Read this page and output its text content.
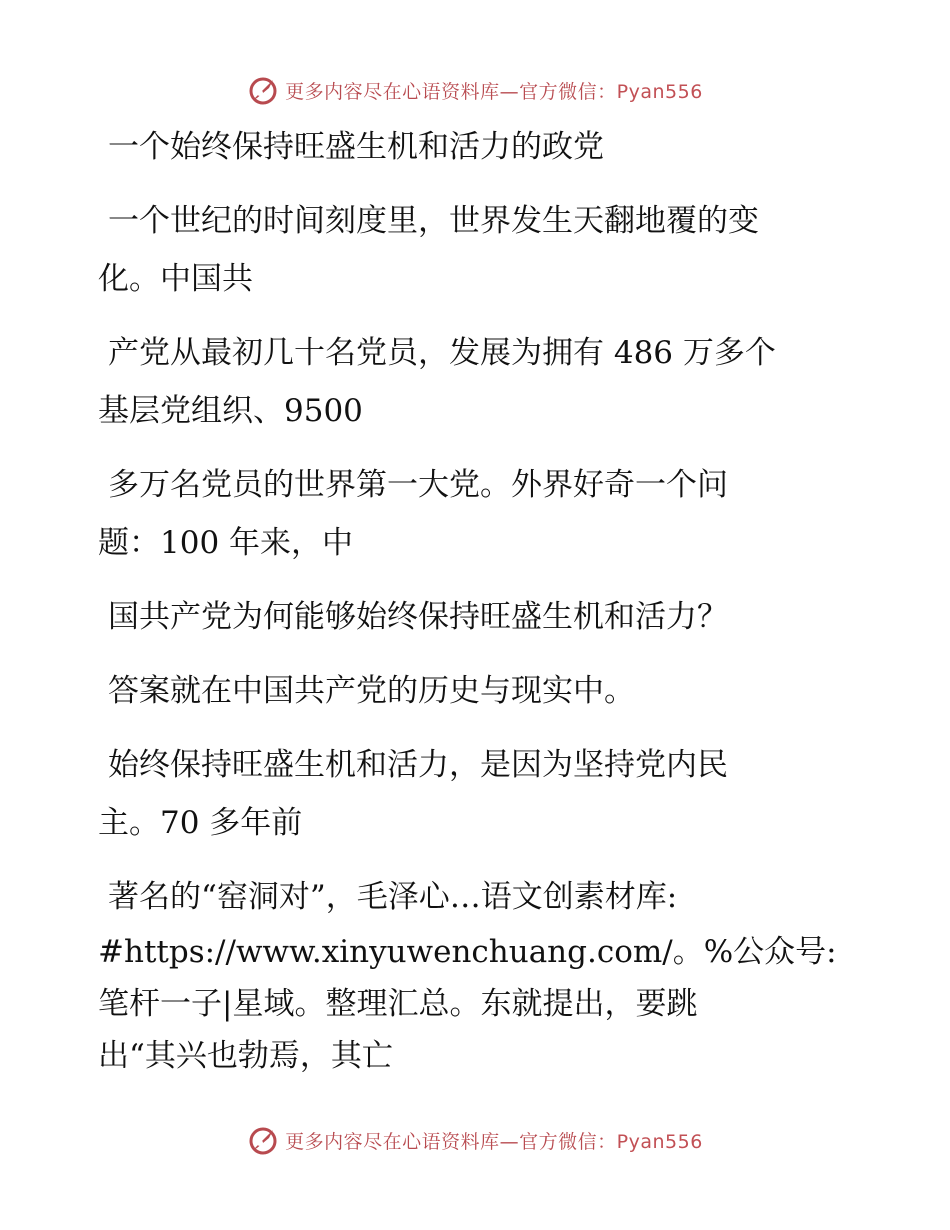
更多内容尽在心语资料库—官方微信：Pyan556

一个始终保持旺盛生机和活力的政党

一个世纪的时间刻度里，世界发生天翻地覆的变

化。中国共

产党从最初几十名党员，发展为拥有 486 万多个

基层党组织、9500

多万名党员的世界第一大党。外界好奇一个问

题：100 年来，中

国共产党为何能够始终保持旺盛生机和活力？

答案就在中国共产党的历史与现实中。

始终保持旺盛生机和活力，是因为坚持党内民

主。70 多年前

著名的“窑洞对”，毛泽心…语文创素材库:

#https://www.xinyuwenchuang.com/。%公众号:

笔杆一子|星域。整理汇总。东就提出，要跳

出“其兴也勃焉，其亡

更多内容尽在心语资料库—官方微信：Pyan556
